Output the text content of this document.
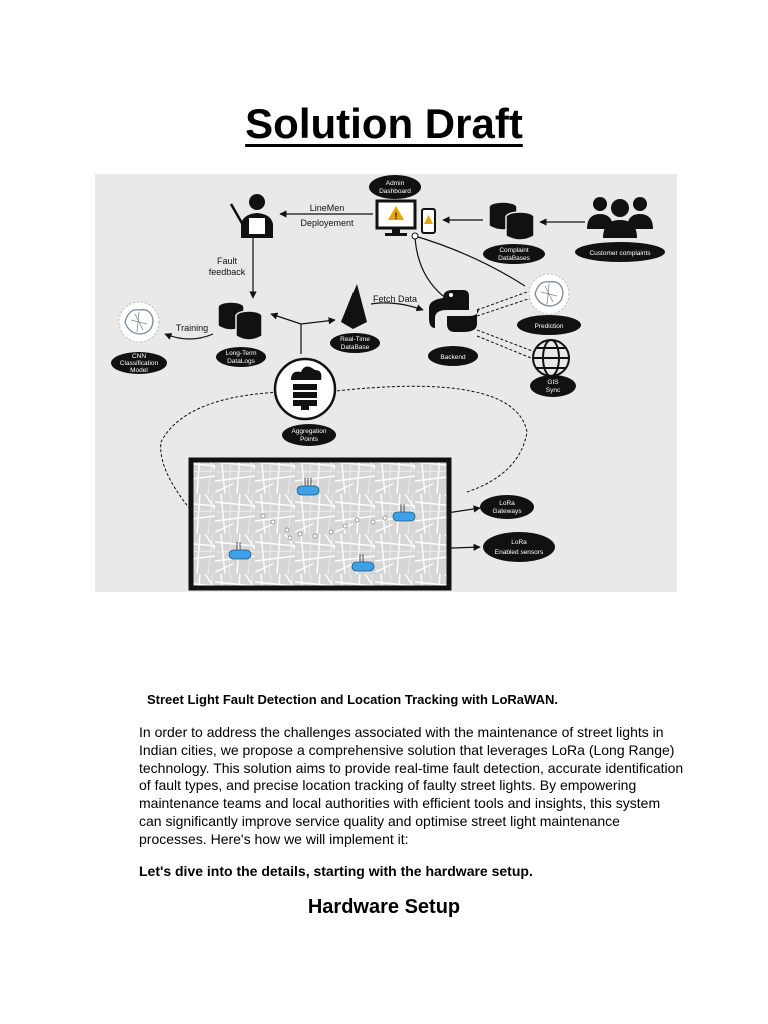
Solution Draft
Admin
Dashboard
!
LineMen
Deployement
Complaint
DataBases
Customer complaints
Fault
feedback
Long-Term
DataLogs
Training
CNN
Classification
Model
Real-Time
DataBase
Fetch Data
Backend
Prediction
GIS
Sync
Aggregation
Points
LoRa
Gateways
LoRa
Enabled sensors

Street Light Fault Detection and Location Tracking with LoRaWAN.

In order to address the challenges associated with the maintenance of street lights in Indian cities, we propose a comprehensive solution that leverages LoRa (Long Range) technology. This solution aims to provide real-time fault detection, accurate identification of fault types, and precise location tracking of faulty street lights. By empowering maintenance teams and local authorities with efficient tools and insights, this system can significantly improve service quality and optimise street light maintenance processes. Here's how we will implement it:

Let's dive into the details, starting with the hardware setup.

Hardware Setup
